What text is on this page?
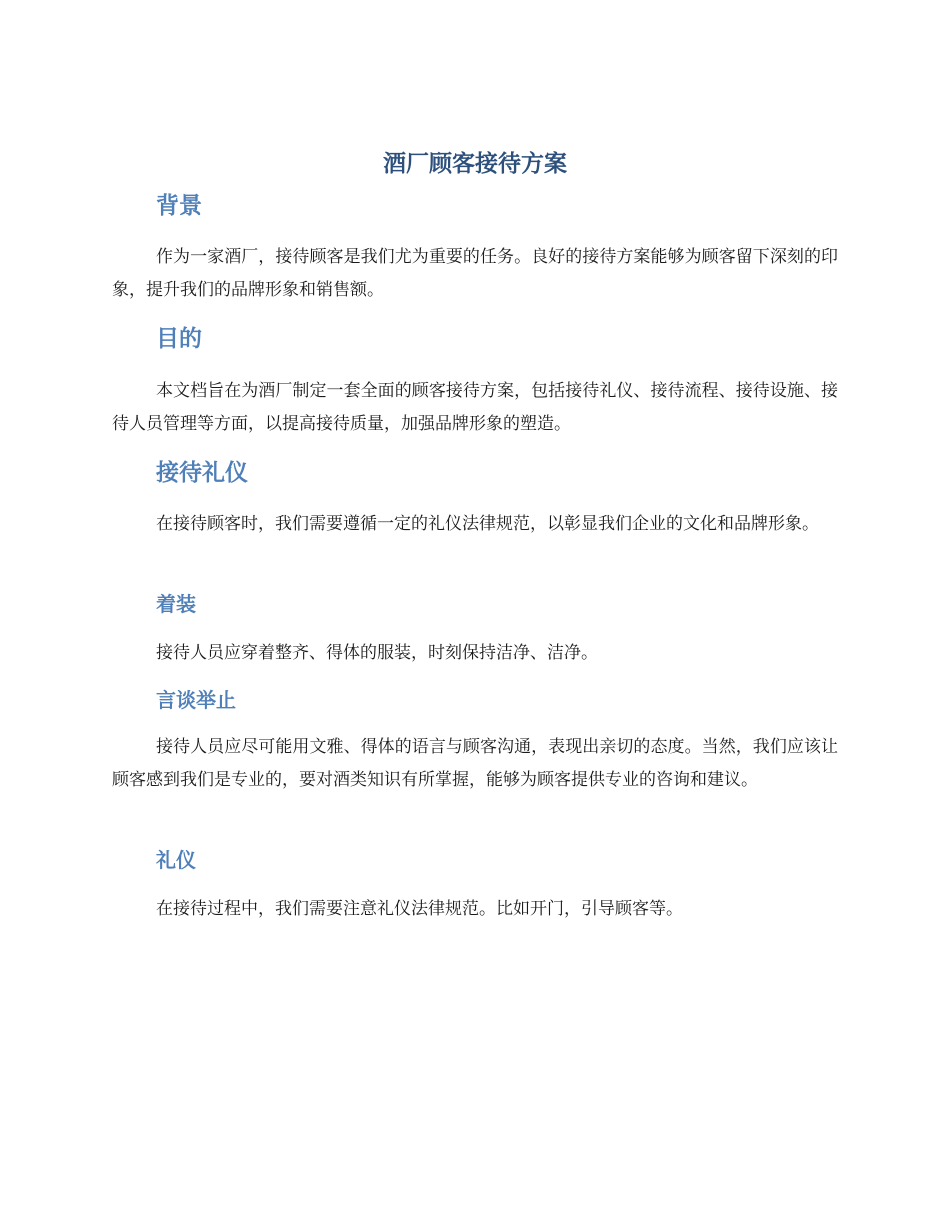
酒厂顾客接待方案
背景

作为一家酒厂，接待顾客是我们尤为重要的任务。良好的接待方案能够为顾客留下深刻的印象，提升我们的品牌形象和销售额。

目的

本文档旨在为酒厂制定一套全面的顾客接待方案，包括接待礼仪、接待流程、接待设施、接待人员管理等方面，以提高接待质量，加强品牌形象的塑造。

接待礼仪

在接待顾客时，我们需要遵循一定的礼仪法律规范，以彰显我们企业的文化和品牌形象。

着装

接待人员应穿着整齐、得体的服装，时刻保持洁净、洁净。

言谈举止

接待人员应尽可能用文雅、得体的语言与顾客沟通，表现出亲切的态度。当然，我们应该让顾客感到我们是专业的，要对酒类知识有所掌握，能够为顾客提供专业的咨询和建议。

礼仪

在接待过程中，我们需要注意礼仪法律规范。比如开门，引导顾客等。
